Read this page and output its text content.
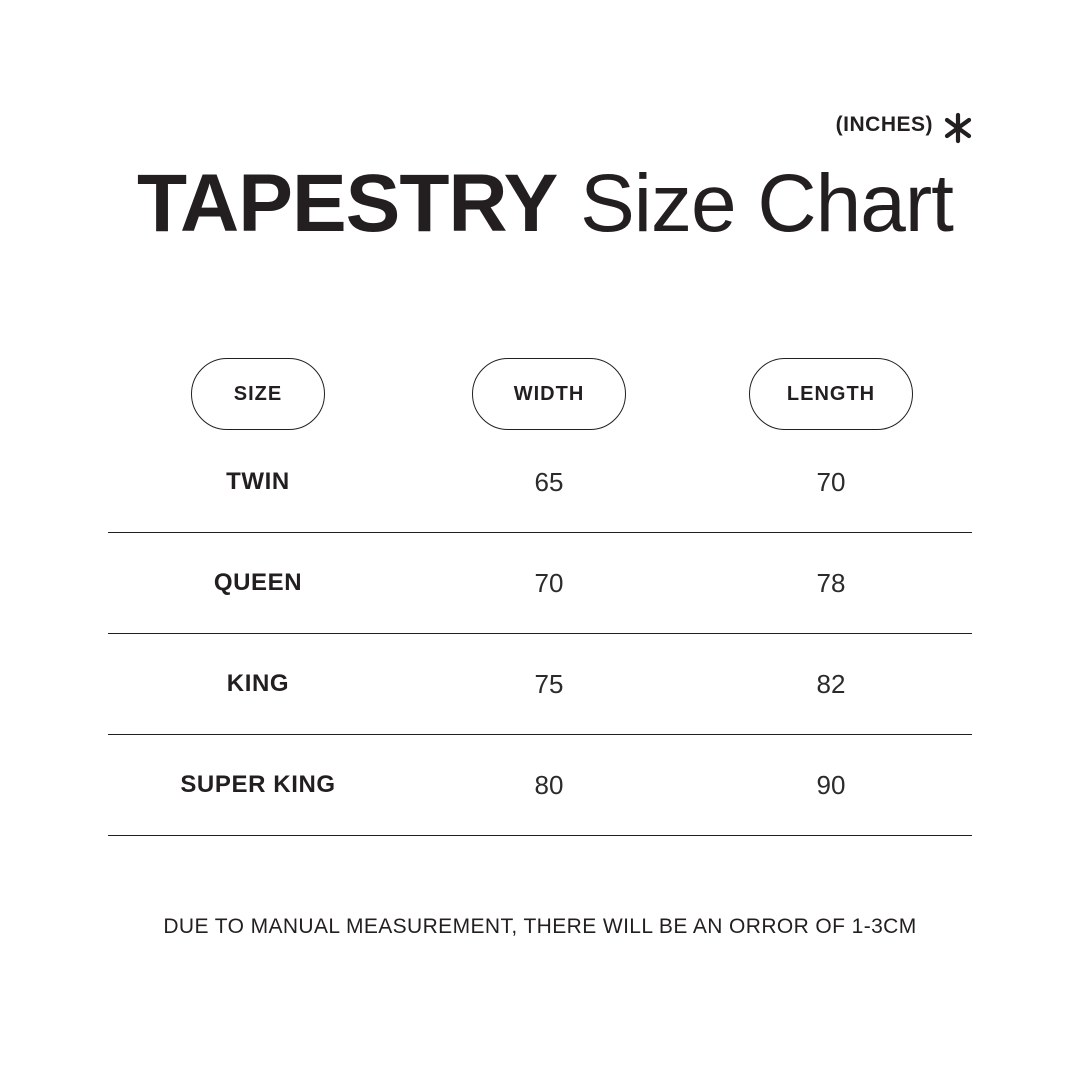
(INCHES)
TAPESTRY Size Chart
SIZE	WIDTH	LENGTH
TWIN	65	70
QUEEN	70	78
KING	75	82
SUPER KING	80	90
DUE TO MANUAL MEASUREMENT, THERE WILL BE AN ORROR OF 1-3CM
